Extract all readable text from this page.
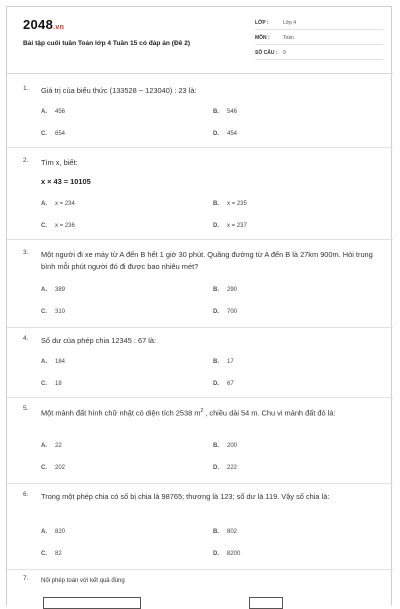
2048.vn
Bài tập cuối tuần Toán lớp 4 Tuần 15 có đáp án (Đề 2)
LỚP :	Lớp 4
MÔN :	Toán
SỐ CÂU : 9
1. Giá trị của biểu thức (133528 − 123040) : 23 là:
A. 456	B. 546
C. 654	D. 454
2. Tìm x, biết:
x × 43 = 10105
A. x = 234	B. x = 235
C. x = 236	D. x = 237
3. Một người đi xe máy từ A đến B hết 1 giờ 30 phút. Quãng đường từ A đến B là 27km 900m. Hỏi trung bình mỗi phút người đó đi được bao nhiêu mét?
A. 389	B. 290
C. 310	D. 700
4. Số dư của phép chia 12345 : 67 là:
A. 184	B. 17
C. 18	D. 67
5. Một mảnh đất hình chữ nhật có diện tích 2538 $m^2$ , chiều dài 54 m. Chu vi mảnh đất đó là:
A. 22	B. 200
C. 202	D. 222
6. Trong một phép chia có số bị chia là 98765; thương là 123; số dư là 119. Vậy số chia là:
A. 820	B. 802
C. 82	D. 8200
7. Nối phép toán với kết quả đúng
